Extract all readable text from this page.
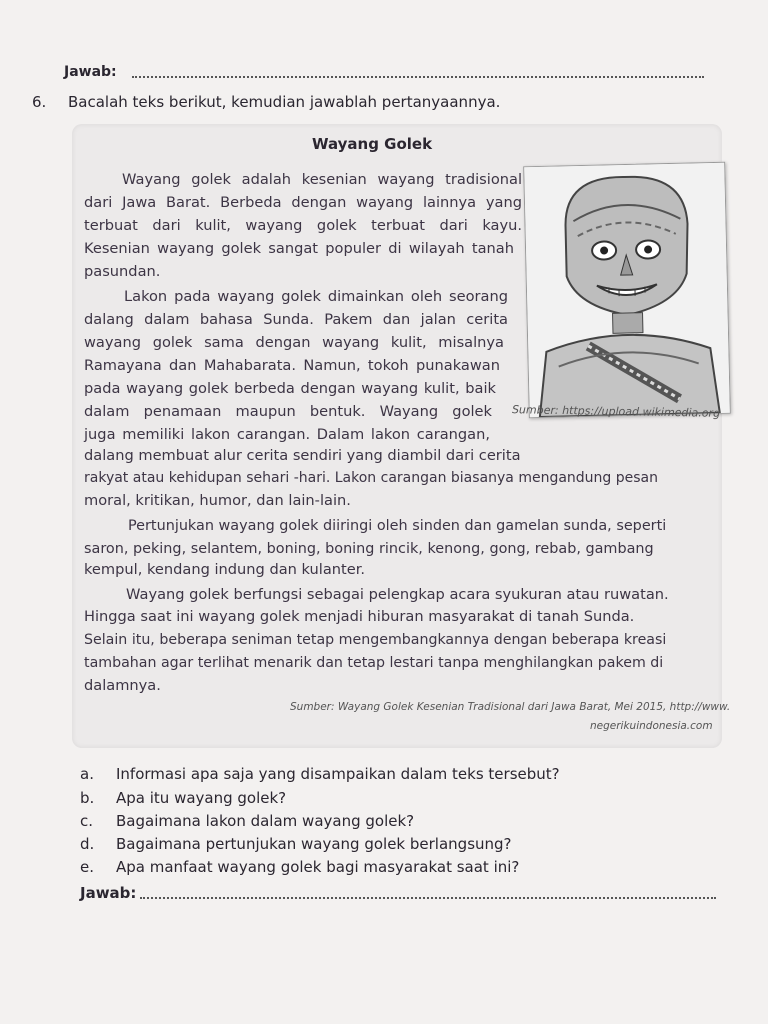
Jawab:
6. Bacalah teks berikut, kemudian jawablah pertanyaannya.
Wayang Golek
Wayang golek adalah kesenian wayang tradisional
dari Jawa Barat. Berbeda dengan wayang lainnya yang
terbuat dari kulit, wayang golek terbuat dari kayu.
Kesenian wayang golek sangat populer di wilayah tanah
pasundan.
Lakon pada wayang golek dimainkan oleh seorang
dalang dalam bahasa Sunda. Pakem dan jalan cerita
wayang golek sama dengan wayang kulit, misalnya
Ramayana dan Mahabarata. Namun, tokoh punakawan
pada wayang golek berbeda dengan wayang kulit, baik
dalam penamaan maupun bentuk. Wayang golek
juga memiliki lakon carangan. Dalam lakon carangan,
dalang membuat alur cerita sendiri yang diambil dari cerita
rakyat atau kehidupan sehari -hari. Lakon carangan biasanya mengandung pesan
moral, kritikan, humor, dan lain-lain.
Pertunjukan wayang golek diiringi oleh sinden dan gamelan sunda, seperti
saron, peking, selantem, boning, boning rincik, kenong, gong, rebab, gambang
kempul, kendang indung dan kulanter.
Wayang golek berfungsi sebagai pelengkap acara syukuran atau ruwatan.
Hingga saat ini wayang golek menjadi hiburan masyarakat di tanah Sunda.
Selain itu, beberapa seniman tetap mengembangkannya dengan beberapa kreasi
tambahan agar terlihat menarik dan tetap lestari tanpa menghilangkan pakem di
dalamnya.
Sumber: https://upload.wikimedia.org
Sumber: Wayang Golek Kesenian Tradisional dari Jawa Barat, Mei 2015, http://www.
negerikuindonesia.com
a. Informasi apa saja yang disampaikan dalam teks tersebut?
b. Apa itu wayang golek?
c. Bagaimana lakon dalam wayang golek?
d. Bagaimana pertunjukan wayang golek berlangsung?
e. Apa manfaat wayang golek bagi masyarakat saat ini?
Jawab:
